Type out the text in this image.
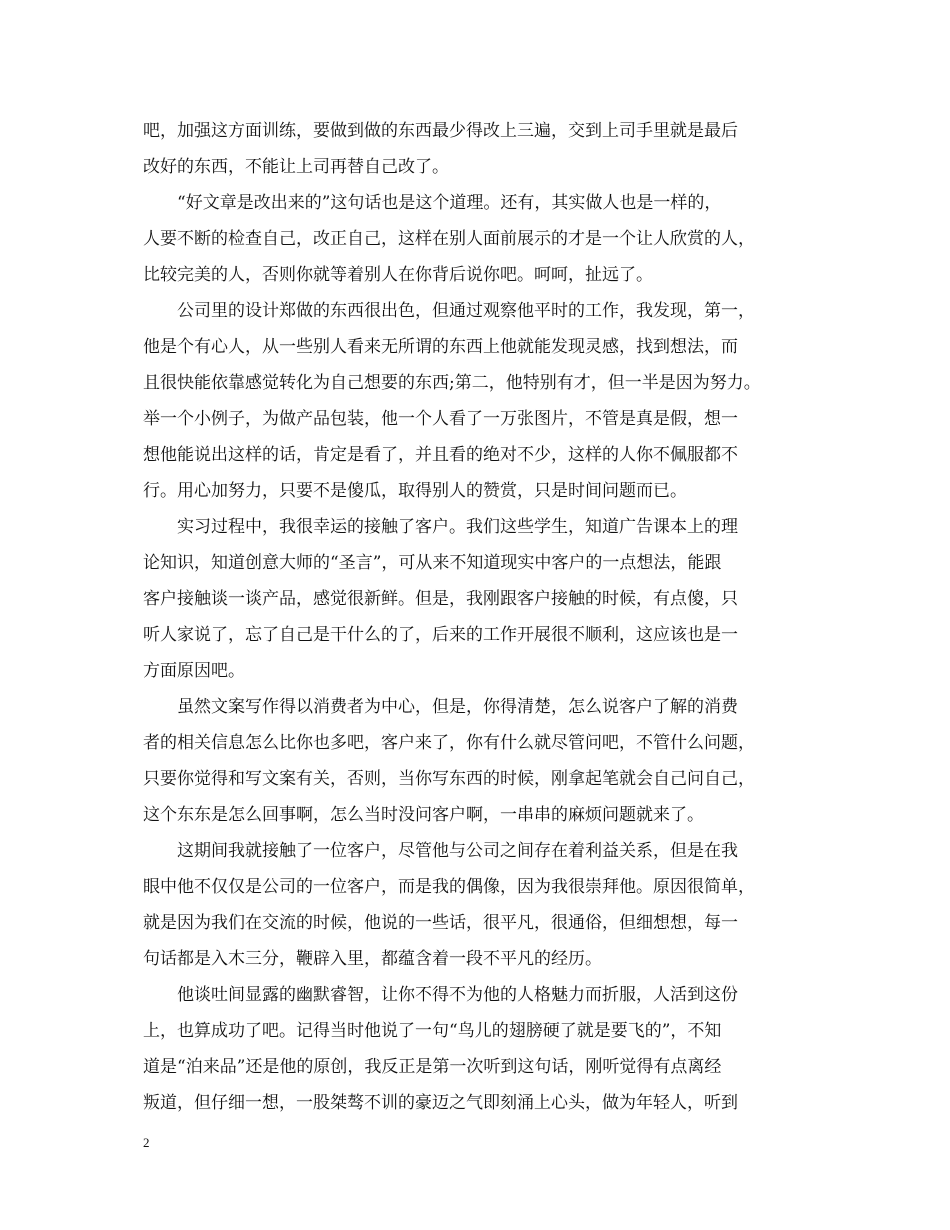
吧，加强这方面训练，要做到做的东西最少得改上三遍，交到上司手里就是最后
改好的东西，不能让上司再替自己改了。
“好文章是改出来的”这句话也是这个道理。还有，其实做人也是一样的，
人要不断的检查自己，改正自己，这样在别人面前展示的才是一个让人欣赏的人，
比较完美的人，否则你就等着别人在你背后说你吧。呵呵，扯远了。
公司里的设计郑做的东西很出色，但通过观察他平时的工作，我发现，第一，
他是个有心人，从一些别人看来无所谓的东西上他就能发现灵感，找到想法，而
且很快能依靠感觉转化为自己想要的东西;第二，他特别有才，但一半是因为努力。
举一个小例子，为做产品包装，他一个人看了一万张图片，不管是真是假，想一
想他能说出这样的话，肯定是看了，并且看的绝对不少，这样的人你不佩服都不
行。用心加努力，只要不是傻瓜，取得别人的赞赏，只是时间问题而已。
实习过程中，我很幸运的接触了客户。我们这些学生，知道广告课本上的理
论知识，知道创意大师的“圣言”，可从来不知道现实中客户的一点想法，能跟
客户接触谈一谈产品，感觉很新鲜。但是，我刚跟客户接触的时候，有点傻，只
听人家说了，忘了自己是干什么的了，后来的工作开展很不顺利，这应该也是一
方面原因吧。
虽然文案写作得以消费者为中心，但是，你得清楚，怎么说客户了解的消费
者的相关信息怎么比你也多吧，客户来了，你有什么就尽管问吧，不管什么问题，
只要你觉得和写文案有关，否则，当你写东西的时候，刚拿起笔就会自己问自己，
这个东东是怎么回事啊，怎么当时没问客户啊，一串串的麻烦问题就来了。
这期间我就接触了一位客户，尽管他与公司之间存在着利益关系，但是在我
眼中他不仅仅是公司的一位客户，而是我的偶像，因为我很崇拜他。原因很简单，
就是因为我们在交流的时候，他说的一些话，很平凡，很通俗，但细想想，每一
句话都是入木三分，鞭辟入里，都蕴含着一段不平凡的经历。
他谈吐间显露的幽默睿智，让你不得不为他的人格魅力而折服，人活到这份
上，也算成功了吧。记得当时他说了一句“鸟儿的翅膀硬了就是要飞的”，不知
道是“泊来品”还是他的原创，我反正是第一次听到这句话，刚听觉得有点离经
叛道，但仔细一想，一股桀骜不训的豪迈之气即刻涌上心头，做为年轻人，听到
2
